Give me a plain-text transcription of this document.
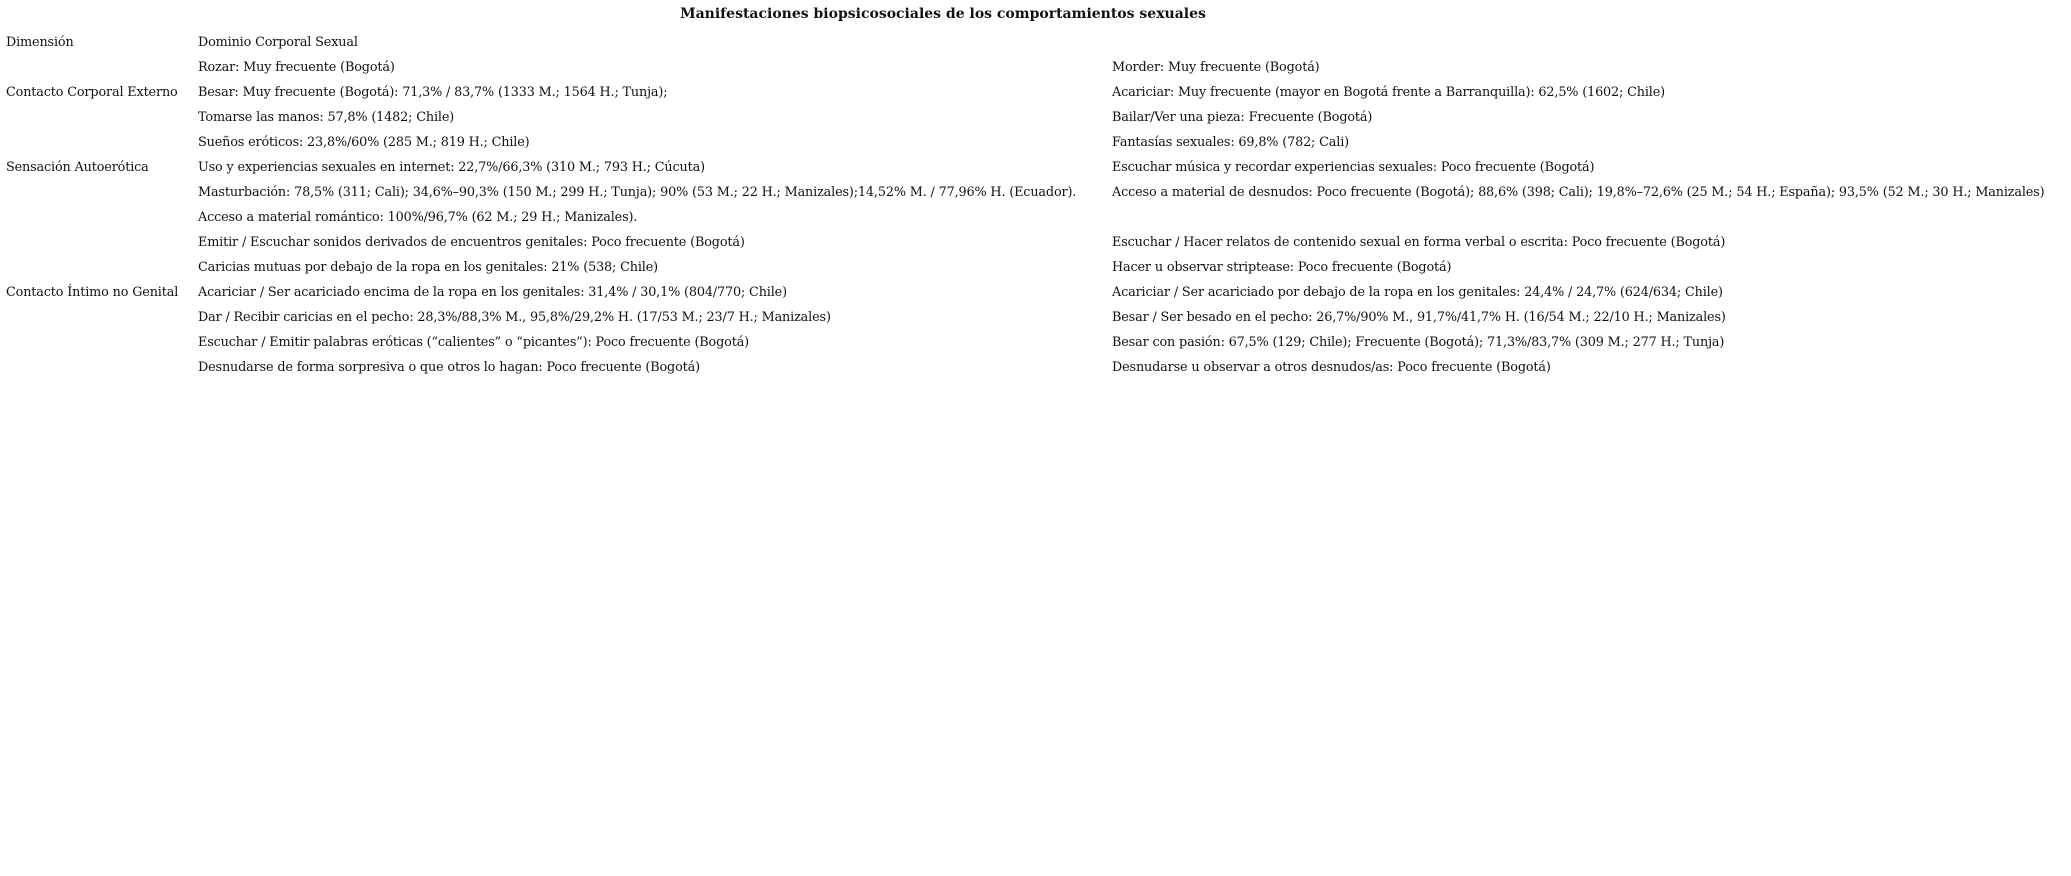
Manifestaciones biopsicosociales de los comportamientos sexuales
Dimensión	Dominio Corporal Sexual	
	Rozar: Muy frecuente (Bogotá)	Morder: Muy frecuente (Bogotá)
Contacto Corporal Externo	Besar: Muy frecuente (Bogotá): 71,3% / 83,7% (1333 M.; 1564 H.; Tunja);	Acariciar: Muy frecuente (mayor en Bogotá frente a Barranquilla): 62,5% (1602; Chile)
	Tomarse las manos: 57,8% (1482; Chile)	Bailar/Ver una pieza: Frecuente (Bogotá)
	Sueños eróticos: 23,8%/60% (285 M.; 819 H.; Chile)	Fantasías sexuales: 69,8% (782; Cali)
Sensación Autoerótica	Uso y experiencias sexuales en internet: 22,7%/66,3% (310 M.; 793 H.; Cúcuta)	Escuchar música y recordar experiencias sexuales: Poco frecuente (Bogotá)
	Masturbación: 78,5% (311; Cali); 34,6%–90,3% (150 M.; 299 H.; Tunja); 90% (53 M.; 22 H.; Manizales);14,52% M. / 77,96% H. (Ecuador).	Acceso a material de desnudos: Poco frecuente (Bogotá); 88,6% (398; Cali); 19,8%–72,6% (25 M.; 54 H.; España); 93,5% (52 M.; 30 H.; Manizales)
	Acceso a material romántico: 100%/96,7% (62 M.; 29 H.; Manizales).	
	Emitir / Escuchar sonidos derivados de encuentros genitales: Poco frecuente (Bogotá)	Escuchar / Hacer relatos de contenido sexual en forma verbal o escrita: Poco frecuente (Bogotá)
	Caricias mutuas por debajo de la ropa en los genitales: 21% (538; Chile)	Hacer u observar striptease: Poco frecuente (Bogotá)
Contacto Íntimo no Genital	Acariciar / Ser acariciado encima de la ropa en los genitales: 31,4% / 30,1% (804/770; Chile)	Acariciar / Ser acariciado por debajo de la ropa en los genitales: 24,4% / 24,7% (624/634; Chile)
	Dar / Recibir caricias en el pecho: 28,3%/88,3% M., 95,8%/29,2% H. (17/53 M.; 23/7 H.; Manizales)	Besar / Ser besado en el pecho: 26,7%/90% M., 91,7%/41,7% H. (16/54 M.; 22/10 H.; Manizales)
	Escuchar / Emitir palabras eróticas (“calientes” o “picantes”): Poco frecuente (Bogotá)	Besar con pasión: 67,5% (129; Chile); Frecuente (Bogotá); 71,3%/83,7% (309 M.; 277 H.; Tunja)
	Desnudarse de forma sorpresiva o que otros lo hagan: Poco frecuente (Bogotá)	Desnudarse u observar a otros desnudos/as: Poco frecuente (Bogotá)
